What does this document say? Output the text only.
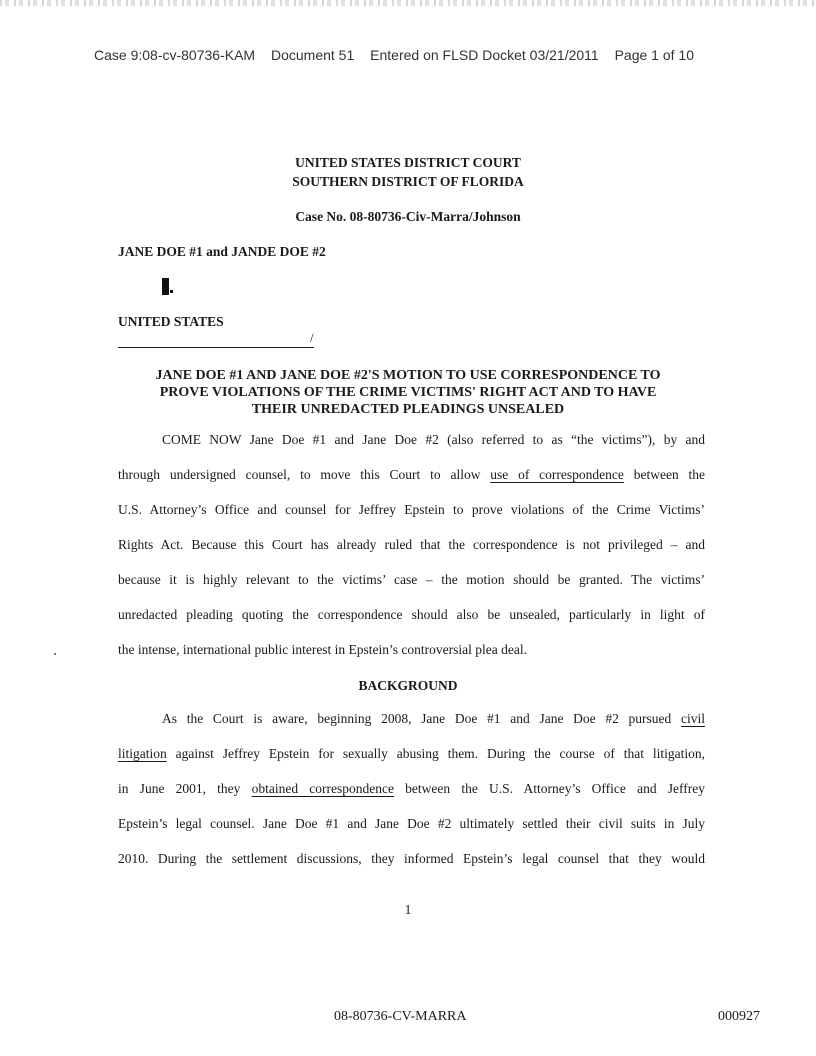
Case 9:08-cv-80736-KAM Document 51 Entered on FLSD Docket 03/21/2011 Page 1 of 10
UNITED STATES DISTRICT COURT
SOUTHERN DISTRICT OF FLORIDA
Case No. 08-80736-Civ-Marra/Johnson
JANE DOE #1 and JANDE DOE #2
UNITED STATES
/
JANE DOE #1 AND JANE DOE #2'S MOTION TO USE CORRESPONDENCE TO
PROVE VIOLATIONS OF THE CRIME VICTIMS' RIGHT ACT AND TO HAVE
THEIR UNREDACTED PLEADINGS UNSEALED
COME NOW Jane Doe #1 and Jane Doe #2 (also referred to as “the victims”), by and
through undersigned counsel, to move this Court to allow use of correspondence between the
U.S. Attorney’s Office and counsel for Jeffrey Epstein to prove violations of the Crime Victims’
Rights Act. Because this Court has already ruled that the correspondence is not privileged – and
because it is highly relevant to the victims’ case – the motion should be granted. The victims’
unredacted pleading quoting the correspondence should also be unsealed, particularly in light of
the intense, international public interest in Epstein’s controversial plea deal.
BACKGROUND
As the Court is aware, beginning 2008, Jane Doe #1 and Jane Doe #2 pursued civil
litigation against Jeffrey Epstein for sexually abusing them. During the course of that litigation,
in June 2001, they obtained correspondence between the U.S. Attorney’s Office and Jeffrey
Epstein’s legal counsel. Jane Doe #1 and Jane Doe #2 ultimately settled their civil suits in July
2010. During the settlement discussions, they informed Epstein’s legal counsel that they would
1
08-80736-CV-MARRA	000927
